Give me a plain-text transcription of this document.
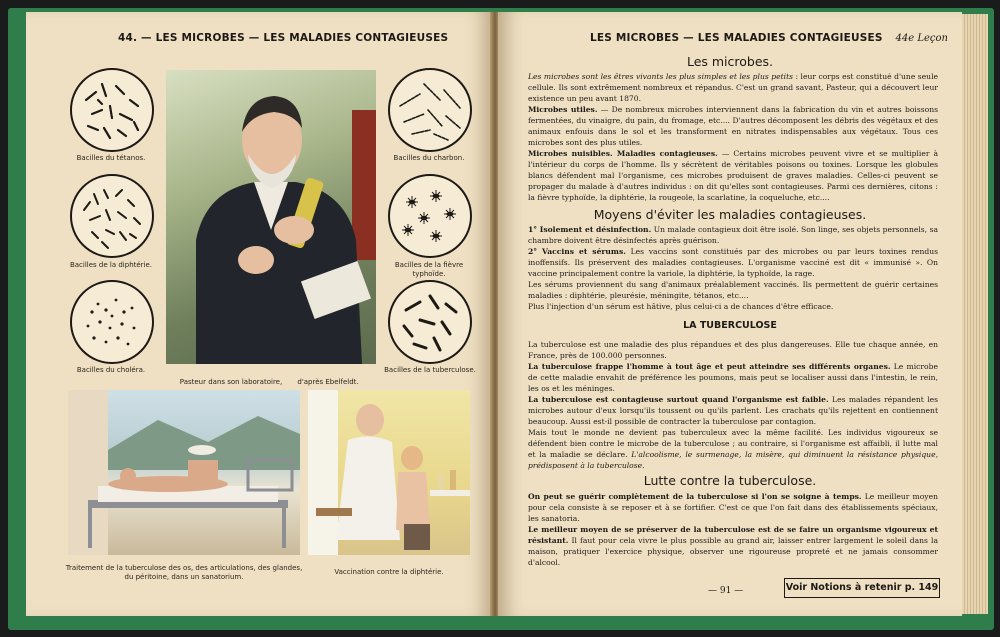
44. — LES MICROBES — LES MALADIES CONTAGIEUSES
Bacilles du tétanos.
Bacilles de la diphtérie.
Bacilles du choléra.
Bacilles du charbon.
Bacilles de la fièvre typhoïde.
Bacilles de la tuberculose.
Pasteur dans son laboratoire,	d'après Ebelfeldt.
Traitement de la tuberculose des os, des articulations, des glandes, du péritoine, dans un sanatorium.
Vaccination contre la diphtérie.
LES MICROBES — LES MALADIES CONTAGIEUSES 44e Leçon
Les microbes.
Les microbes sont les êtres vivants les plus simples et les plus petits : leur corps est constitué d'une seule cellule. Ils sont extrêmement nombreux et répandus. C'est un grand savant, Pasteur, qui a découvert leur existence un peu avant 1870.
Microbes utiles. — De nombreux microbes interviennent dans la fabrication du vin et autres boissons fermentées, du vinaigre, du pain, du fromage, etc.... D'autres décomposent les débris des végétaux et des animaux enfouis dans le sol et les transforment en nitrates indispensables aux végétaux. Tous ces microbes sont des plus utiles.
Microbes nuisibles. Maladies contagieuses. — Certains microbes peuvent vivre et se multiplier à l'intérieur du corps de l'homme. Ils y sécrètent de véritables poisons ou toxines. Lorsque les globules blancs défendent mal l'organisme, ces microbes produisent de graves maladies. Celles-ci peuvent se propager du malade à d'autres individus : on dit qu'elles sont contagieuses. Parmi ces dernières, citons : la fièvre typhoïde, la diphtérie, la rougeole, la scarlatine, la coqueluche, etc....
Moyens d'éviter les maladies contagieuses.
1° Isolement et désinfection. Un malade contagieux doit être isolé. Son linge, ses objets personnels, sa chambre doivent être désinfectés après guérison.
2° Vaccins et sérums. Les vaccins sont constitués par des microbes ou par leurs toxines rendus inoffensifs. Ils préservent des maladies contagieuses. L'organisme vacciné est dit « immunisé ». On vaccine principalement contre la variole, la diphtérie, la typhoïde, la rage.
Les sérums proviennent du sang d'animaux préalablement vaccinés. Ils permettent de guérir certaines maladies : diphtérie, pleurésie, méningite, tétanos, etc....
Plus l'injection d'un sérum est hâtive, plus celui-ci a de chances d'être efficace.
LA TUBERCULOSE
La tuberculose est une maladie des plus répandues et des plus dangereuses. Elle tue chaque année, en France, près de 100.000 personnes.
La tuberculose frappe l'homme à tout âge et peut atteindre ses différents organes. Le microbe de cette maladie envahit de préférence les poumons, mais peut se localiser aussi dans l'intestin, le rein, les os et les méninges.
La tuberculose est contagieuse surtout quand l'organisme est faible. Les malades répandent les microbes autour d'eux lorsqu'ils toussent ou qu'ils parlent. Les crachats qu'ils rejettent en contiennent beaucoup. Aussi est-il possible de contracter la tuberculose par contagion.
Mais tout le monde ne devient pas tuberculeux avec la même facilité. Les individus vigoureux se défendent bien contre le microbe de la tuberculose ; au contraire, si l'organisme est affaibli, il lutte mal et la maladie se déclare. L'alcoolisme, le surmenage, la misère, qui diminuent la résistance physique, prédisposent à la tuberculose.
Lutte contre la tuberculose.
On peut se guérir complètement de la tuberculose si l'on se soigne à temps. Le meilleur moyen pour cela consiste à se reposer et à se fortifier. C'est ce que l'on fait dans des établissements spéciaux, les sanatoria.
Le meilleur moyen de se préserver de la tuberculose est de se faire un organisme vigoureux et résistant. Il faut pour cela vivre le plus possible au grand air, laisser entrer largement le soleil dans la maison, pratiquer l'exercice physique, observer une rigoureuse propreté et ne jamais consommer d'alcool.
— 91 —	Voir Notions à retenir p. 149
